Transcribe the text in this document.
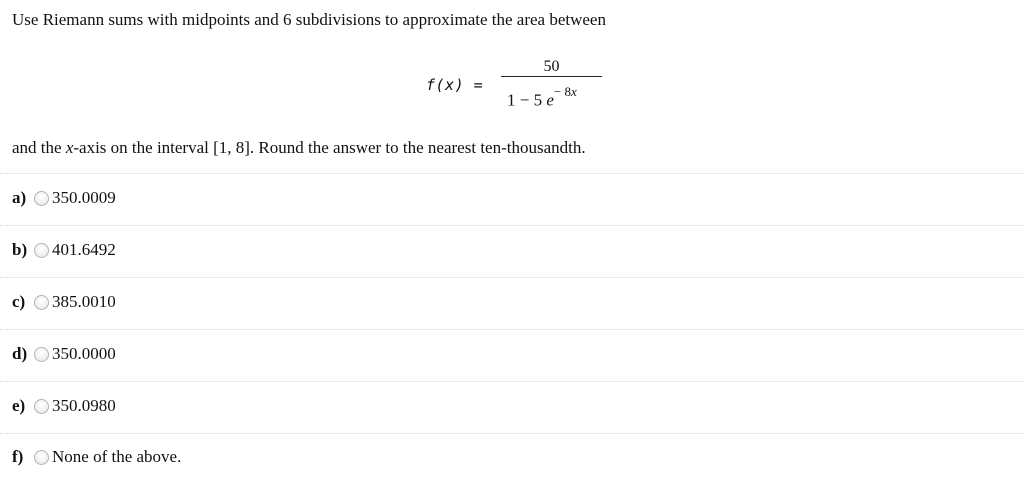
Use Riemann sums with midpoints and 6 subdivisions to approximate the area between
f(x) =
50
1 − 5 $e^{- 8x}$
and the x-axis on the interval [1, 8]. Round the answer to the nearest ten-thousandth.
a)	350.0009
b)	401.6492
c)	385.0010
d)	350.0000
e)	350.0980
f)	None of the above.
